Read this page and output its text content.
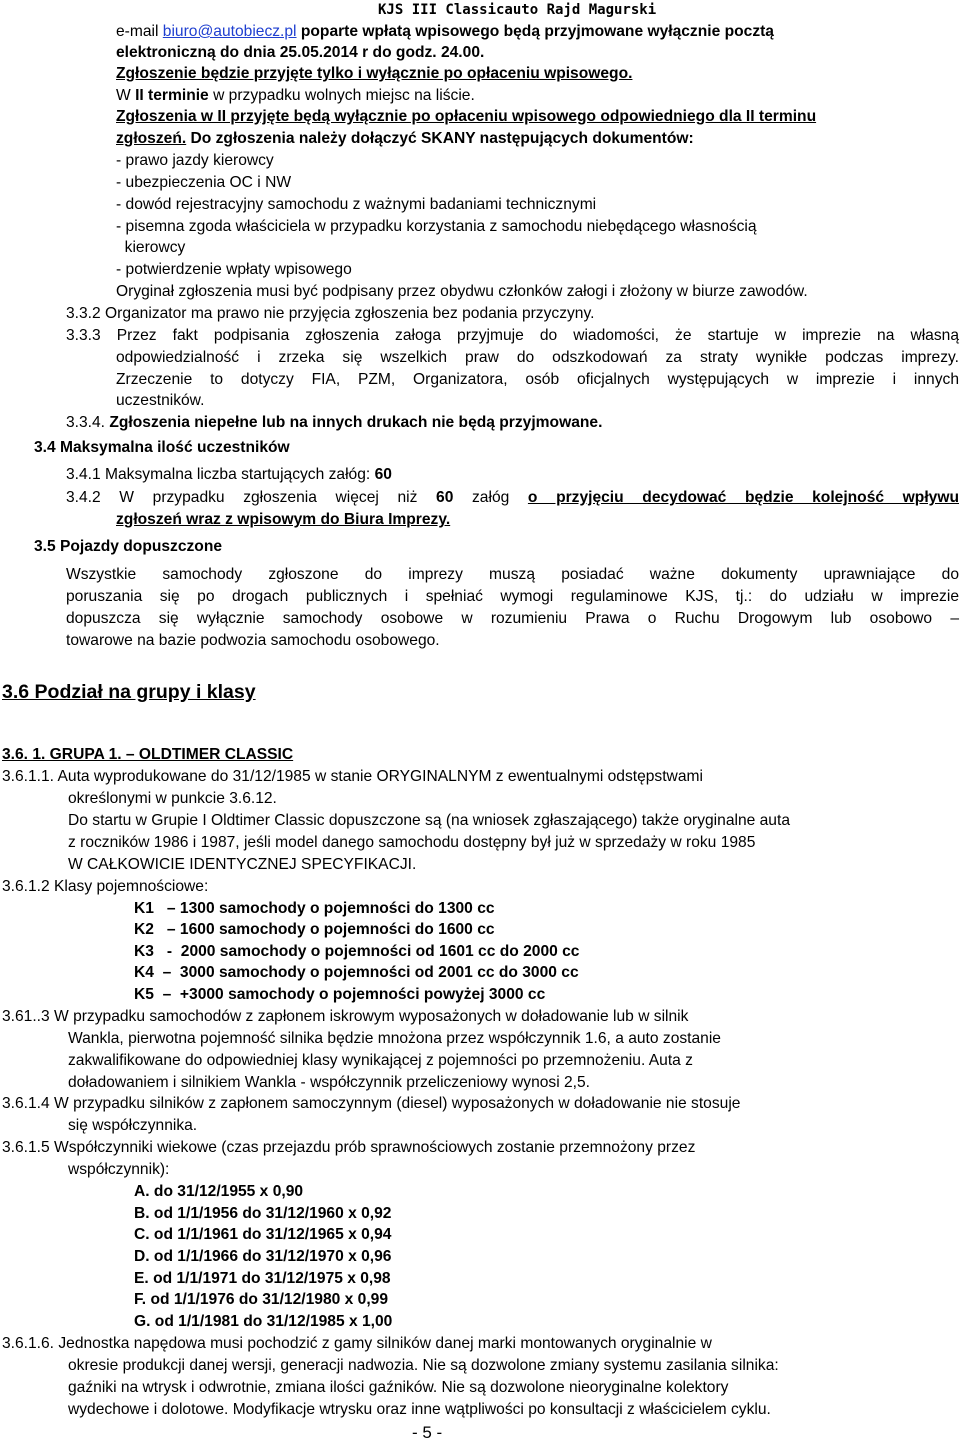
KJS III Classicauto Rajd Magurski
e-mail biuro@autobiecz.pl poparte wpłatą wpisowego będą przyjmowane wyłącznie pocztą
elektroniczną do dnia 25.05.2014 r do godz. 24.00.
Zgłoszenie będzie przyjęte tylko i wyłącznie po opłaceniu wpisowego.
W II terminie w przypadku wolnych miejsc na liście.
Zgłoszenia w II przyjęte będą wyłącznie po opłaceniu wpisowego odpowiedniego dla II terminu
zgłoszeń. Do zgłoszenia należy dołączyć SKANY następujących dokumentów:
- prawo jazdy kierowcy
- ubezpieczenia OC i NW
- dowód rejestracyjny samochodu z ważnymi badaniami technicznymi
- pisemna zgoda właściciela w przypadku korzystania z samochodu niebędącego własnością
kierowcy
- potwierdzenie wpłaty wpisowego
Oryginał zgłoszenia musi być podpisany przez obydwu członków załogi i złożony w biurze zawodów.
3.3.2 Organizator ma prawo nie przyjęcia zgłoszenia bez podania przyczyny.
3.3.3 Przez fakt podpisania zgłoszenia załoga przyjmuje do wiadomości, że startuje w imprezie na własną
odpowiedzialność i zrzeka się wszelkich praw do odszkodowań za straty wynikłe podczas imprezy.
Zrzeczenie to dotyczy FIA, PZM, Organizatora, osób oficjalnych występujących w imprezie i innych
uczestników.
3.3.4. Zgłoszenia niepełne lub na innych drukach nie będą przyjmowane.
3.4 Maksymalna ilość uczestników
3.4.1 Maksymalna liczba startujących załóg: 60
3.4.2 W przypadku zgłoszenia więcej niż 60 załóg o przyjęciu decydować będzie kolejność wpływu
zgłoszeń wraz z wpisowym do Biura Imprezy.
3.5 Pojazdy dopuszczone
Wszystkie samochody zgłoszone do imprezy muszą posiadać ważne dokumenty uprawniające do
poruszania się po drogach publicznych i spełniać wymogi regulaminowe KJS, tj.: do udziału w imprezie
dopuszcza się wyłącznie samochody osobowe w rozumieniu Prawa o Ruchu Drogowym lub osobowo –
towarowe na bazie podwozia samochodu osobowego.
3.6 Podział na grupy i klasy
3.6. 1. GRUPA 1. – OLDTIMER CLASSIC
3.6.1.1. Auta wyprodukowane do 31/12/1985 w stanie ORYGINALNYM z ewentualnymi odstępstwami
określonymi w punkcie 3.6.12.
Do startu w Grupie I Oldtimer Classic dopuszczone są (na wniosek zgłaszającego) także oryginalne auta
z roczników 1986 i 1987, jeśli model danego samochodu dostępny był już w sprzedaży w roku 1985
W CAŁKOWICIE IDENTYCZNEJ SPECYFIKACJI.
3.6.1.2 Klasy pojemnościowe:
K1   – 1300 samochody o pojemności do 1300 cc
K2   – 1600 samochody o pojemności do 1600 cc
K3   -  2000 samochody o pojemności od 1601 cc do 2000 cc
K4  –  3000 samochody o pojemności od 2001 cc do 3000 cc
K5  –  +3000 samochody o pojemności powyżej 3000 cc
3.61..3 W przypadku samochodów z zapłonem iskrowym wyposażonych w doładowanie lub w silnik
Wankla, pierwotna pojemność silnika będzie mnożona przez współczynnik 1.6, a auto zostanie
zakwalifikowane do odpowiedniej klasy wynikającej z pojemności po przemnożeniu. Auta z
doładowaniem i silnikiem Wankla - współczynnik przeliczeniowy wynosi 2,5.
3.6.1.4 W przypadku silników z zapłonem samoczynnym (diesel) wyposażonych w doładowanie nie stosuje
się współczynnika.
3.6.1.5 Współczynniki wiekowe (czas przejazdu prób sprawnościowych zostanie przemnożony przez
współczynnik):
A. do 31/12/1955 x 0,90
B. od 1/1/1956 do 31/12/1960 x 0,92
C. od 1/1/1961 do 31/12/1965 x 0,94
D. od 1/1/1966 do 31/12/1970 x 0,96
E. od 1/1/1971 do 31/12/1975 x 0,98
F. od 1/1/1976 do 31/12/1980 x 0,99
G. od 1/1/1981 do 31/12/1985 x 1,00
3.6.1.6. Jednostka napędowa musi pochodzić z gamy silników danej marki montowanych oryginalnie w
okresie produkcji danej wersji, generacji nadwozia. Nie są dozwolone zmiany systemu zasilania silnika:
gaźniki na wtrysk i odwrotnie, zmiana ilości gaźników. Nie są dozwolone nieoryginalne kolektory
wydechowe i dolotowe. Modyfikacje wtrysku oraz inne wątpliwości po konsultacji z właścicielem cyklu.
- 5 -
